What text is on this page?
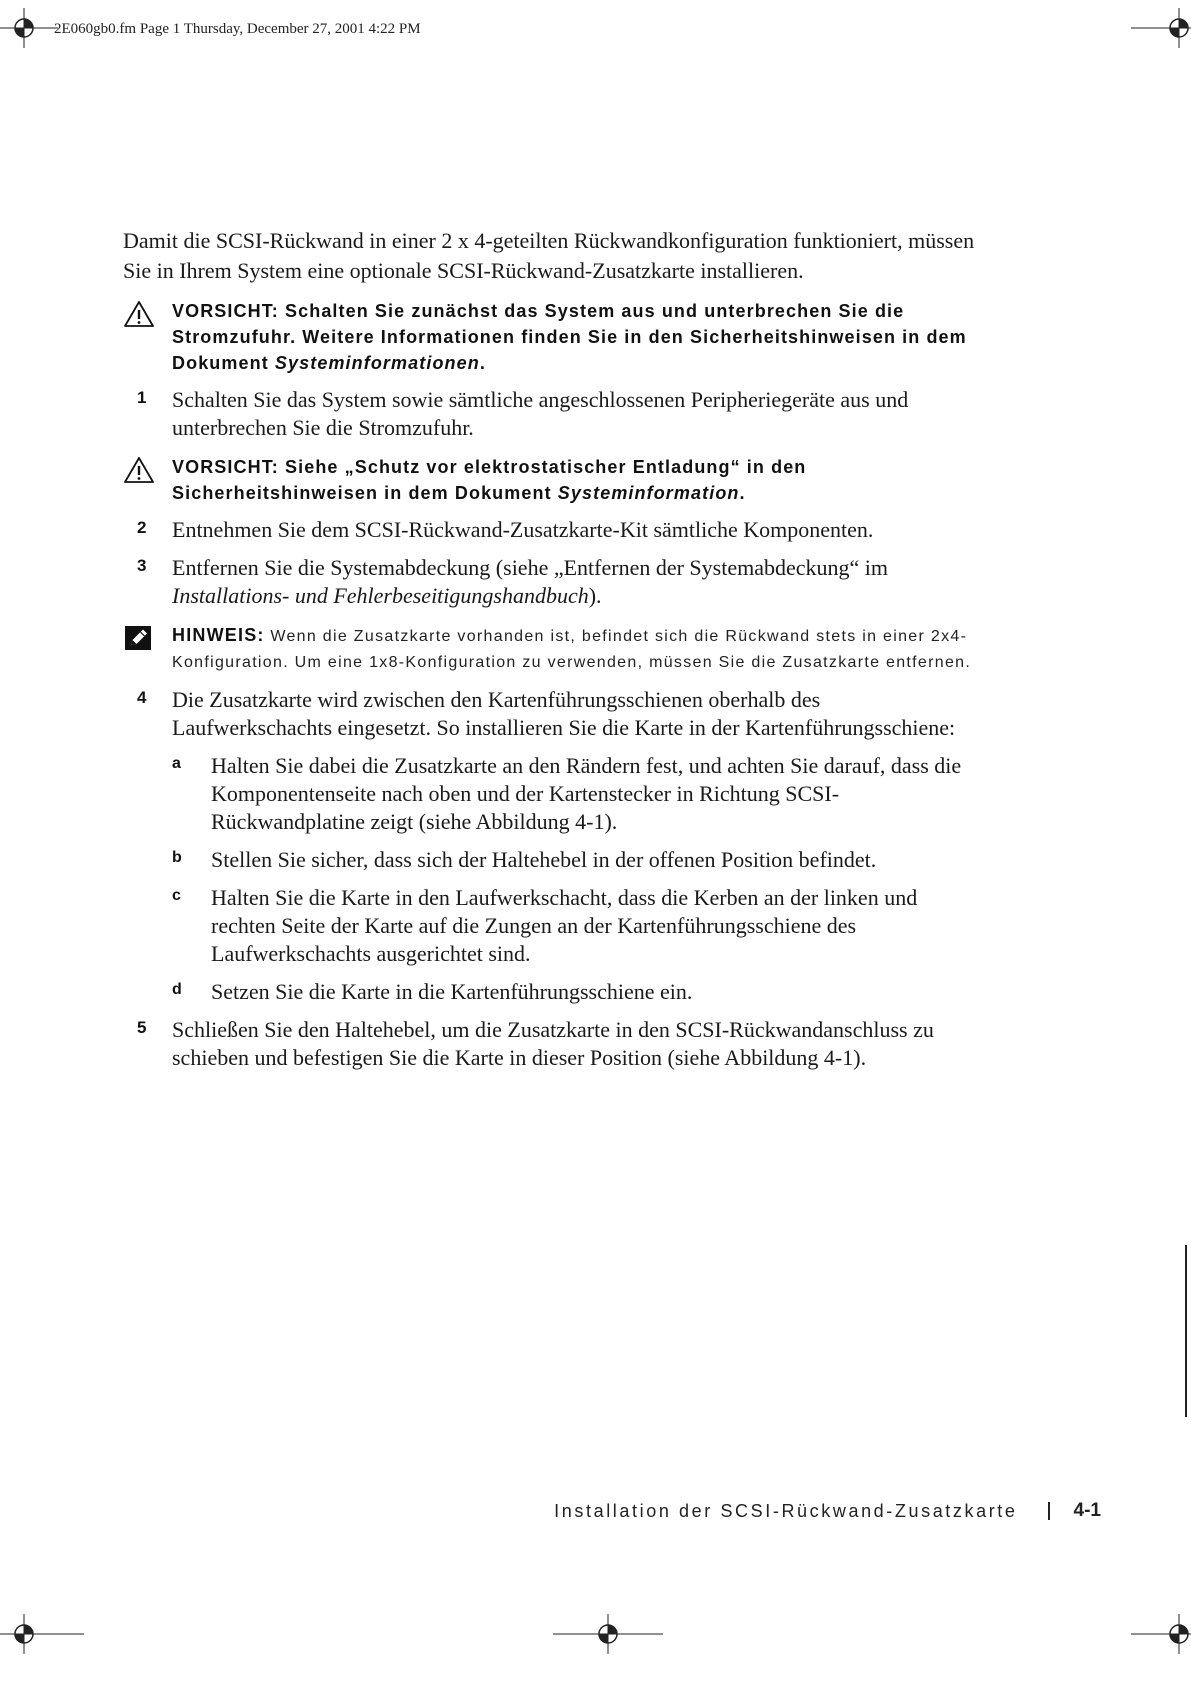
2E060gb0.fm Page 1 Thursday, December 27, 2001 4:22 PM

Damit die SCSI-Rückwand in einer 2 x 4-geteilten Rückwandkonfiguration funktioniert, müssen Sie in Ihrem System eine optionale SCSI-Rückwand-Zusatzkarte installieren.

VORSICHT: Schalten Sie zunächst das System aus und unterbrechen Sie die Stromzufuhr. Weitere Informationen finden Sie in den Sicherheitshinweisen in dem Dokument Systeminformationen.
1 Schalten Sie das System sowie sämtliche angeschlossenen Peripheriegeräte aus und unterbrechen Sie die Stromzufuhr.
VORSICHT: Siehe „Schutz vor elektrostatischer Entladung“ in den Sicherheitshinweisen in dem Dokument Systeminformation.
2 Entnehmen Sie dem SCSI-Rückwand-Zusatzkarte-Kit sämtliche Komponenten.
3 Entfernen Sie die Systemabdeckung (siehe „Entfernen der Systemabdeckung“ im Installations- und Fehlerbeseitigungshandbuch).
HINWEIS: Wenn die Zusatzkarte vorhanden ist, befindet sich die Rückwand stets in einer 2x4-Konfiguration. Um eine 1x8-Konfiguration zu verwenden, müssen Sie die Zusatzkarte entfernen.
4 Die Zusatzkarte wird zwischen den Kartenführungsschienen oberhalb des Laufwerkschachts eingesetzt. So installieren Sie die Karte in der Kartenführungsschiene:
a Halten Sie dabei die Zusatzkarte an den Rändern fest, und achten Sie darauf, dass die Komponentenseite nach oben und der Kartenstecker in Richtung SCSI-Rückwandplatine zeigt (siehe Abbildung 4-1).
b Stellen Sie sicher, dass sich der Haltehebel in der offenen Position befindet.
c Halten Sie die Karte in den Laufwerkschacht, dass die Kerben an der linken und rechten Seite der Karte auf die Zungen an der Kartenführungsschiene des Laufwerkschachts ausgerichtet sind.
d Setzen Sie die Karte in die Kartenführungsschiene ein.
5 Schließen Sie den Haltehebel, um die Zusatzkarte in den SCSI-Rückwandanschluss zu schieben und befestigen Sie die Karte in dieser Position (siehe Abbildung 4-1).
Installation der SCSI-Rückwand-Zusatzkarte	4-1
